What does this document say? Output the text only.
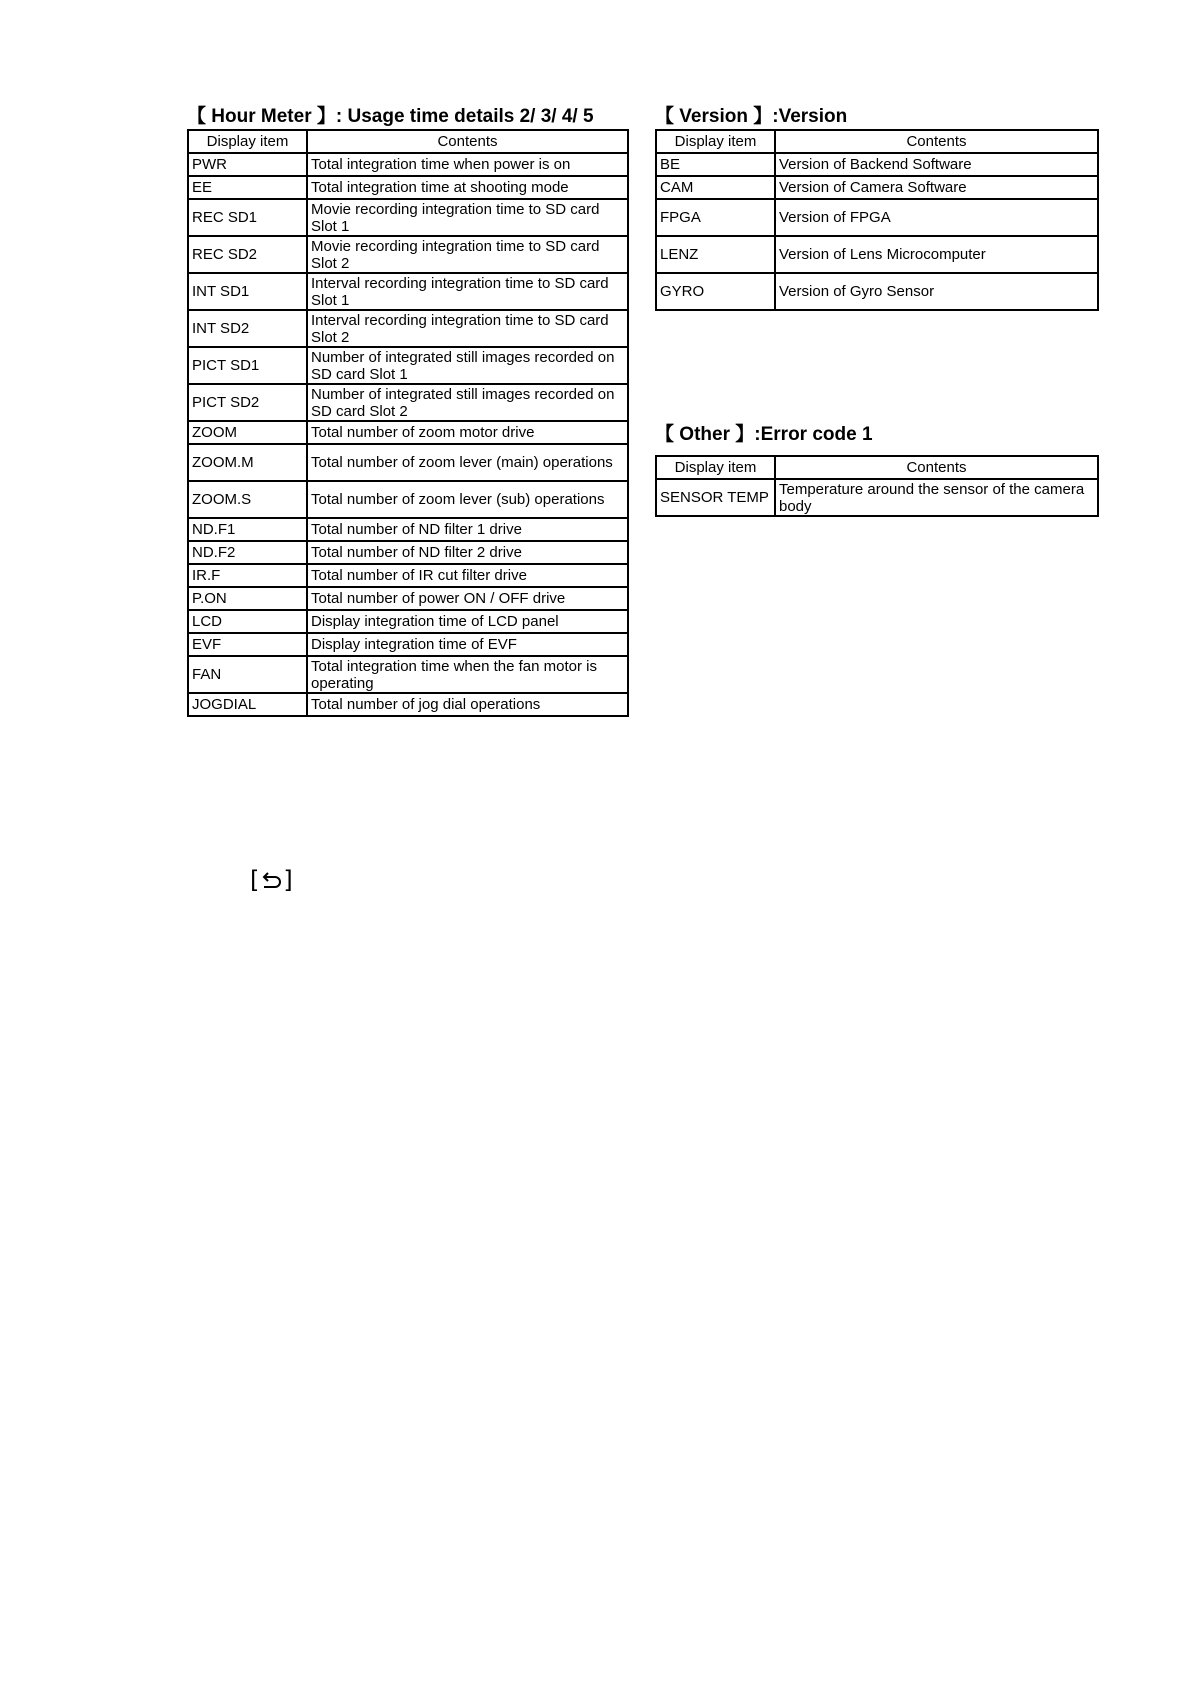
【 Hour Meter 】: Usage time details 2/ 3/ 4/ 5
Display item	Contents
PWR	Total integration time when power is on
EE	Total integration time at shooting mode
REC SD1	Movie recording integration time to SD card Slot 1
REC SD2	Movie recording integration time to SD card Slot 2
INT SD1	Interval recording integration time to SD card Slot 1
INT SD2	Interval recording integration time to SD card Slot 2
PICT SD1	Number of integrated still images recorded on SD card Slot 1
PICT SD2	Number of integrated still images recorded on SD card Slot 2
ZOOM	Total number of zoom motor drive
ZOOM.M	Total number of zoom lever (main) operations
ZOOM.S	Total number of zoom lever (sub) operations
ND.F1	Total number of ND filter 1 drive
ND.F2	Total number of ND filter 2 drive
IR.F	Total number of IR cut filter drive
P.ON	Total number of power ON / OFF drive
LCD	Display integration time of LCD panel
EVF	Display integration time of EVF
FAN	Total integration time when the fan motor is operating
JOGDIAL	Total number of jog dial operations
【 Version 】:Version
Display item	Contents
BE	Version of Backend Software
CAM	Version of Camera Software
FPGA	Version of FPGA
LENZ	Version of Lens Microcomputer
GYRO	Version of Gyro Sensor
【 Other 】:Error code 1
Display item	Contents
SENSOR TEMP	Temperature around the sensor of the camera body
[ ]
